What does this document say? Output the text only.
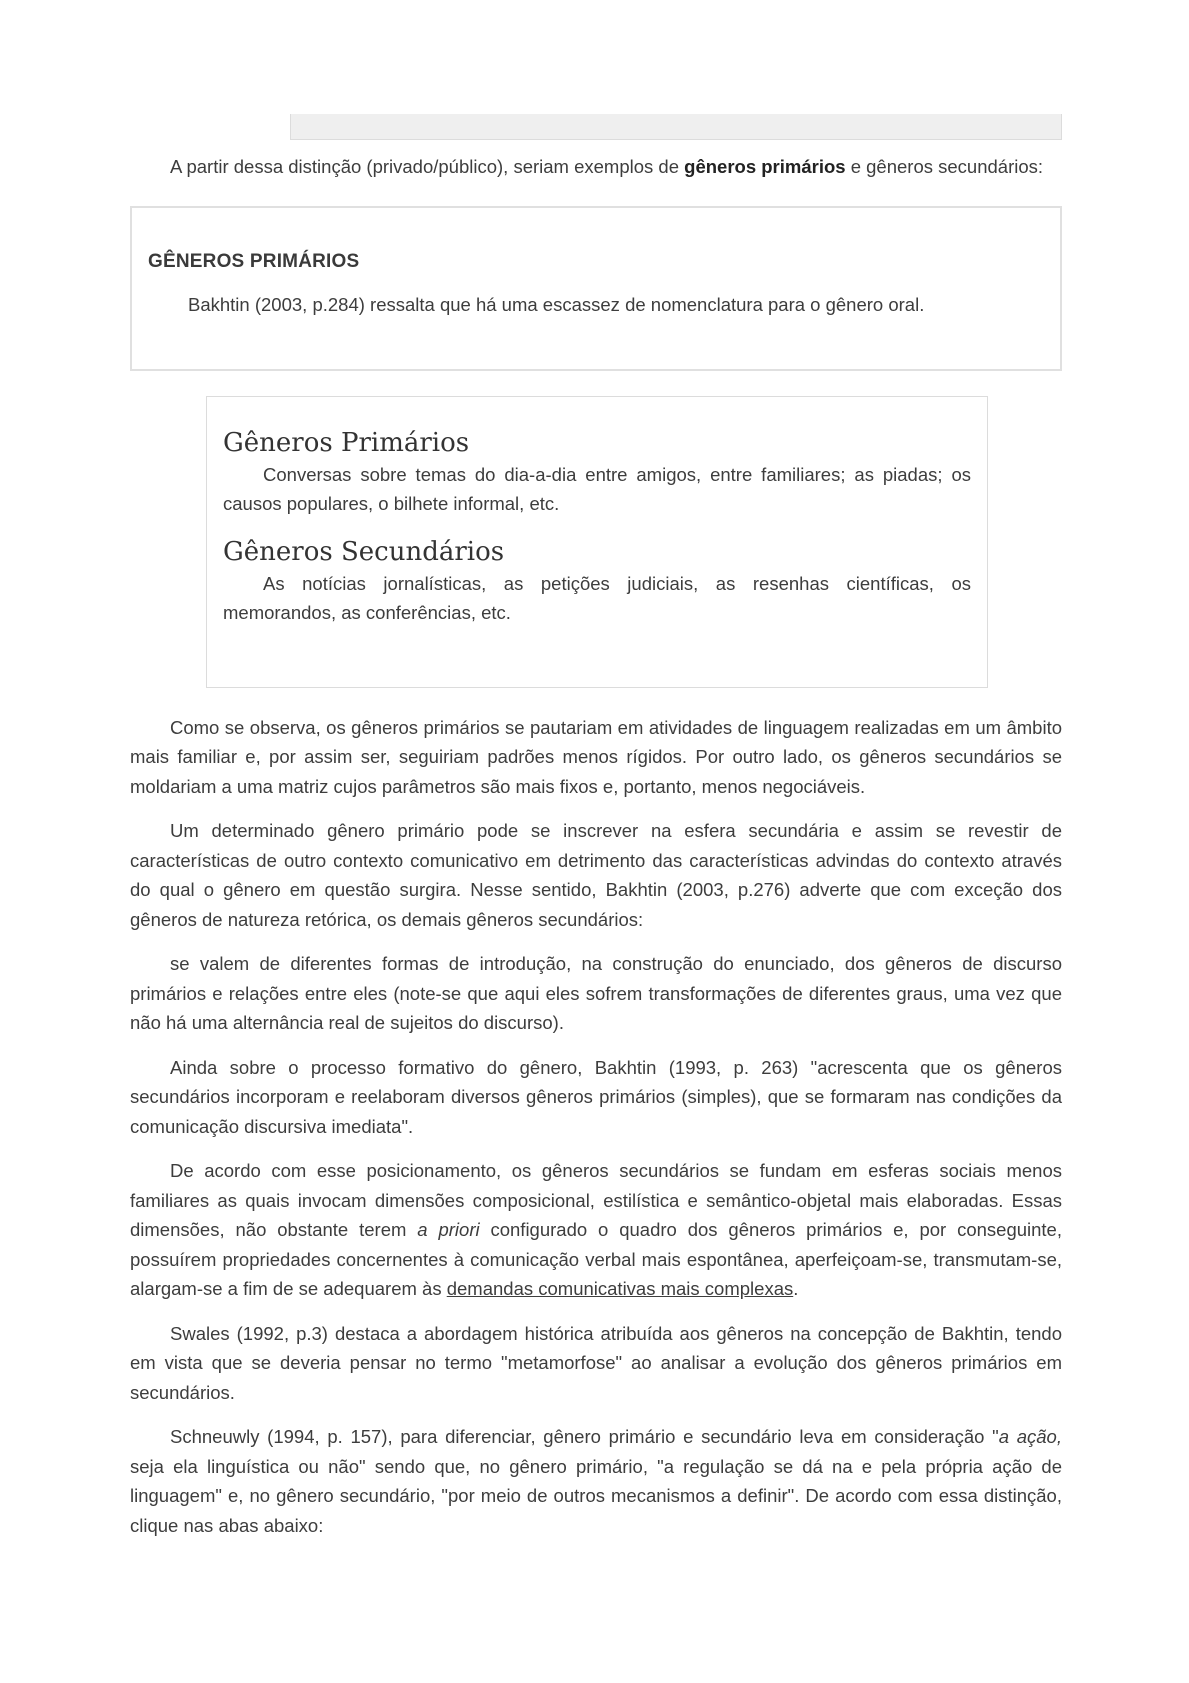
A partir dessa distinção (privado/público), seriam exemplos de gêneros primários e gêneros secundários:

GÊNEROS PRIMÁRIOS
Bakhtin (2003, p.284) ressalta que há uma escassez de nomenclatura para o gênero oral.
Gêneros Primários

Conversas sobre temas do dia-a-dia entre amigos, entre familiares; as piadas; os causos populares, o bilhete informal, etc.

Gêneros Secundários

As notícias jornalísticas, as petições judiciais, as resenhas científicas, os memorandos, as conferências, etc.

Como se observa, os gêneros primários se pautariam em atividades de linguagem realizadas em um âmbito mais familiar e, por assim ser, seguiriam padrões menos rígidos. Por outro lado, os gêneros secundários se moldariam a uma matriz cujos parâmetros são mais fixos e, portanto, menos negociáveis.

Um determinado gênero primário pode se inscrever na esfera secundária e assim se revestir de características de outro contexto comunicativo em detrimento das características advindas do contexto através do qual o gênero em questão surgira. Nesse sentido, Bakhtin (2003, p.276) adverte que com exceção dos gêneros de natureza retórica, os demais gêneros secundários:

se valem de diferentes formas de introdução, na construção do enunciado, dos gêneros de discurso primários e relações entre eles (note-se que aqui eles sofrem transformações de diferentes graus, uma vez que não há uma alternância real de sujeitos do discurso).

Ainda sobre o processo formativo do gênero, Bakhtin (1993, p. 263) "acrescenta que os gêneros secundários incorporam e reelaboram diversos gêneros primários (simples), que se formaram nas condições da comunicação discursiva imediata".

De acordo com esse posicionamento, os gêneros secundários se fundam em esferas sociais menos familiares as quais invocam dimensões composicional, estilística e semântico-objetal mais elaboradas. Essas dimensões, não obstante terem a priori configurado o quadro dos gêneros primários e, por conseguinte, possuírem propriedades concernentes à comunicação verbal mais espontânea, aperfeiçoam-se, transmutam-se, alargam-se a fim de se adequarem às demandas comunicativas mais complexas.

Swales (1992, p.3) destaca a abordagem histórica atribuída aos gêneros na concepção de Bakhtin, tendo em vista que se deveria pensar no termo "metamorfose" ao analisar a evolução dos gêneros primários em secundários.

Schneuwly (1994, p. 157), para diferenciar, gênero primário e secundário leva em consideração "a ação, seja ela linguística ou não" sendo que, no gênero primário, "a regulação se dá na e pela própria ação de linguagem" e, no gênero secundário, "por meio de outros mecanismos a definir". De acordo com essa distinção, clique nas abas abaixo:
